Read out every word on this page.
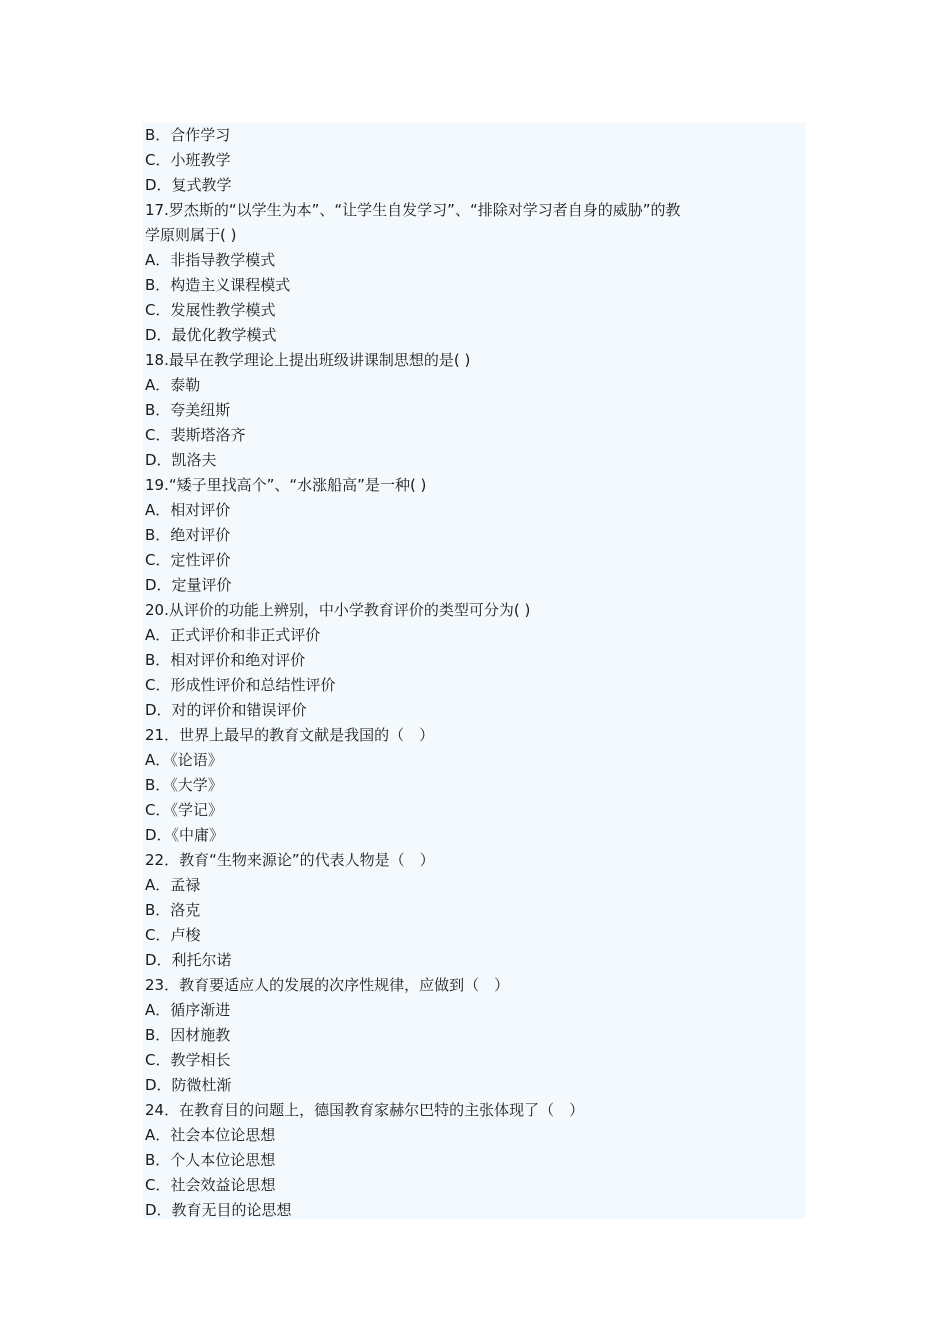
B．合作学习
C．小班教学
D．复式教学
17.罗杰斯的“以学生为本”、“让学生自发学习”、“排除对学习者自身的威胁”的教
学原则属于( )
A．非指导教学模式
B．构造主义课程模式
C．发展性教学模式
D．最优化教学模式
18.最早在教学理论上提出班级讲课制思想的是( )
A．泰勒
B．夸美纽斯
C．裴斯塔洛齐
D．凯洛夫
19.“矮子里找高个”、“水涨船高”是一种( )
A．相对评价
B．绝对评价
C．定性评价
D．定量评价
20.从评价的功能上辨别，中小学教育评价的类型可分为( )
A．正式评价和非正式评价
B．相对评价和绝对评价
C．形成性评价和总结性评价
D．对的评价和错误评价
21．世界上最早的教育文献是我国的（　）
A．《论语》
B．《大学》
C．《学记》
D．《中庸》
22．教育“生物来源论”的代表人物是（　）
A．孟禄
B．洛克
C．卢梭
D．利托尔诺
23．教育要适应人的发展的次序性规律，应做到（　）
A．循序渐进
B．因材施教
C．教学相长
D．防微杜渐
24．在教育目的问题上，德国教育家赫尔巴特的主张体现了（　）
A．社会本位论思想
B．个人本位论思想
C．社会效益论思想
D．教育无目的论思想
